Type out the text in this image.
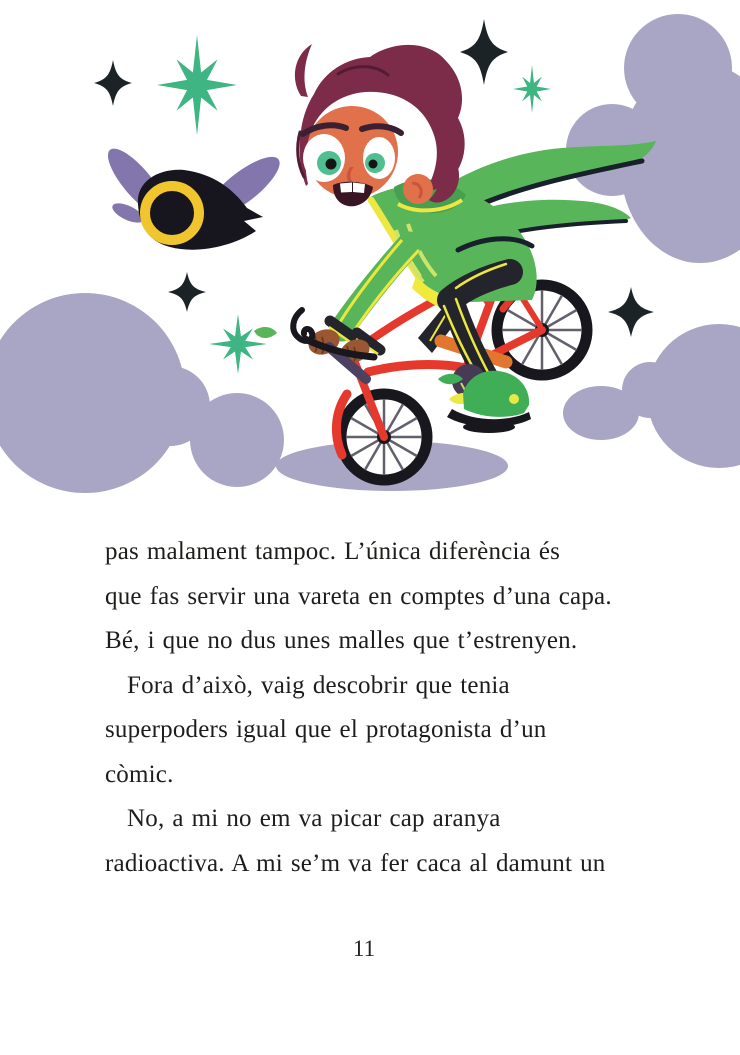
pas malament tampoc. L’única diferència és

que fas servir una vareta en comptes d’una capa.

Bé, i que no dus unes malles que t’estrenyen.

Fora d’això, vaig descobrir que tenia

superpoders igual que el protagonista d’un

còmic.

No, a mi no em va picar cap aranya

radioactiva. A mi se’m va fer caca al damunt un

11
